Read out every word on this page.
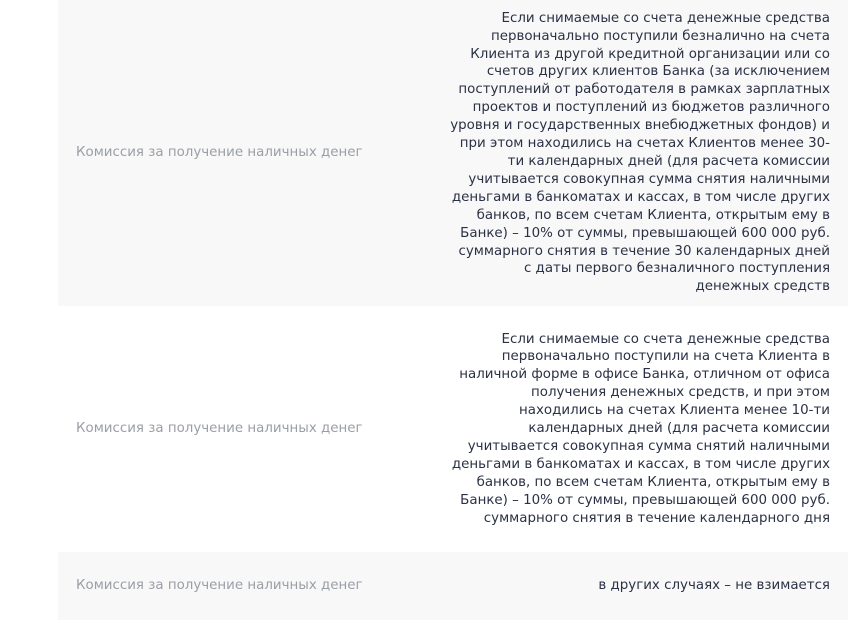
Комиссия за получение наличных денег
Если снимаемые со счета денежные средства первоначально поступили безналично на счета Клиента из другой кредитной организации или со счетов других клиентов Банка (за исключением поступлений от работодателя в рамках зарплатных проектов и поступлений из бюджетов различного уровня и государственных внебюджетных фондов) и при этом находились на счетах Клиентов менее 30-ти календарных дней (для расчета комиссии учитывается совокупная сумма снятия наличными деньгами в банкоматах и кассах, в том числе других банков, по всем счетам Клиента, открытым ему в Банке) – 10% от суммы, превышающей 600 000 руб. суммарного снятия в течение 30 календарных дней с даты первого безналичного поступления денежных средств
Комиссия за получение наличных денег
Если снимаемые со счета денежные средства первоначально поступили на счета Клиента в наличной форме в офисе Банка, отличном от офиса получения денежных средств, и при этом находились на счетах Клиента менее 10-ти календарных дней (для расчета комиссии учитывается совокупная сумма снятий наличными деньгами в банкоматах и кассах, в том числе других банков, по всем счетам Клиента, открытым ему в Банке) – 10% от суммы, превышающей 600 000 руб. суммарного снятия в течение календарного дня
Комиссия за получение наличных денег	в других случаях – не взимается
